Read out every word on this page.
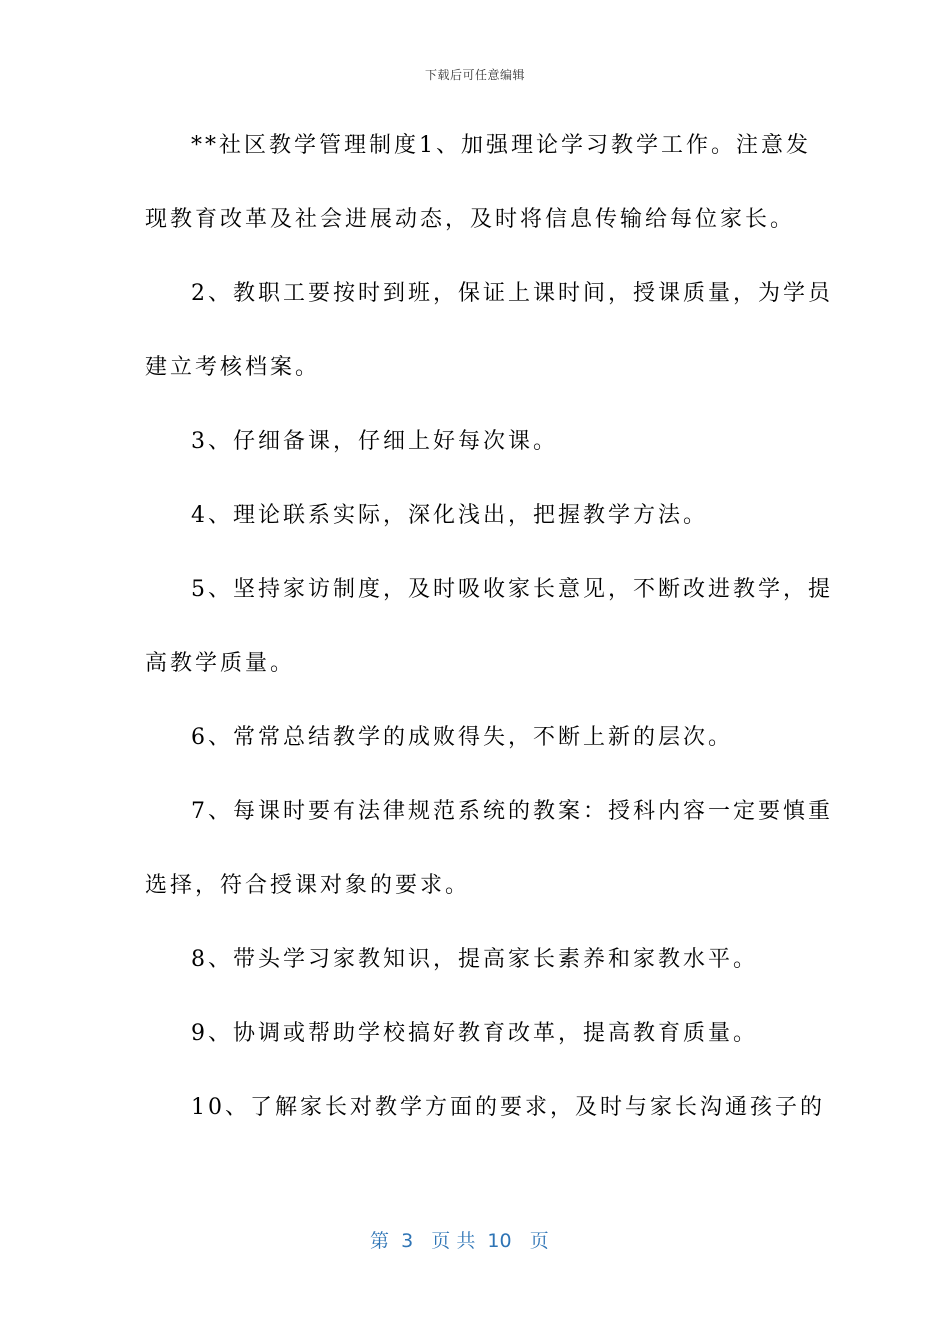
下载后可任意编辑
**社区教学管理制度1、加强理论学习教学工作。注意发
现教育改革及社会进展动态，及时将信息传输给每位家长。
2、教职工要按时到班，保证上课时间，授课质量，为学员
建立考核档案。
3、仔细备课，仔细上好每次课。
4、理论联系实际，深化浅出，把握教学方法。
5、坚持家访制度，及时吸收家长意见，不断改进教学，提
高教学质量。
6、常常总结教学的成败得失，不断上新的层次。
7、每课时要有法律规范系统的教案：授科内容一定要慎重
选择，符合授课对象的要求。
8、带头学习家教知识，提高家长素养和家教水平。
9、协调或帮助学校搞好教育改革，提高教育质量。
10、了解家长对教学方面的要求，及时与家长沟通孩子的
第  3   页 共  10   页
